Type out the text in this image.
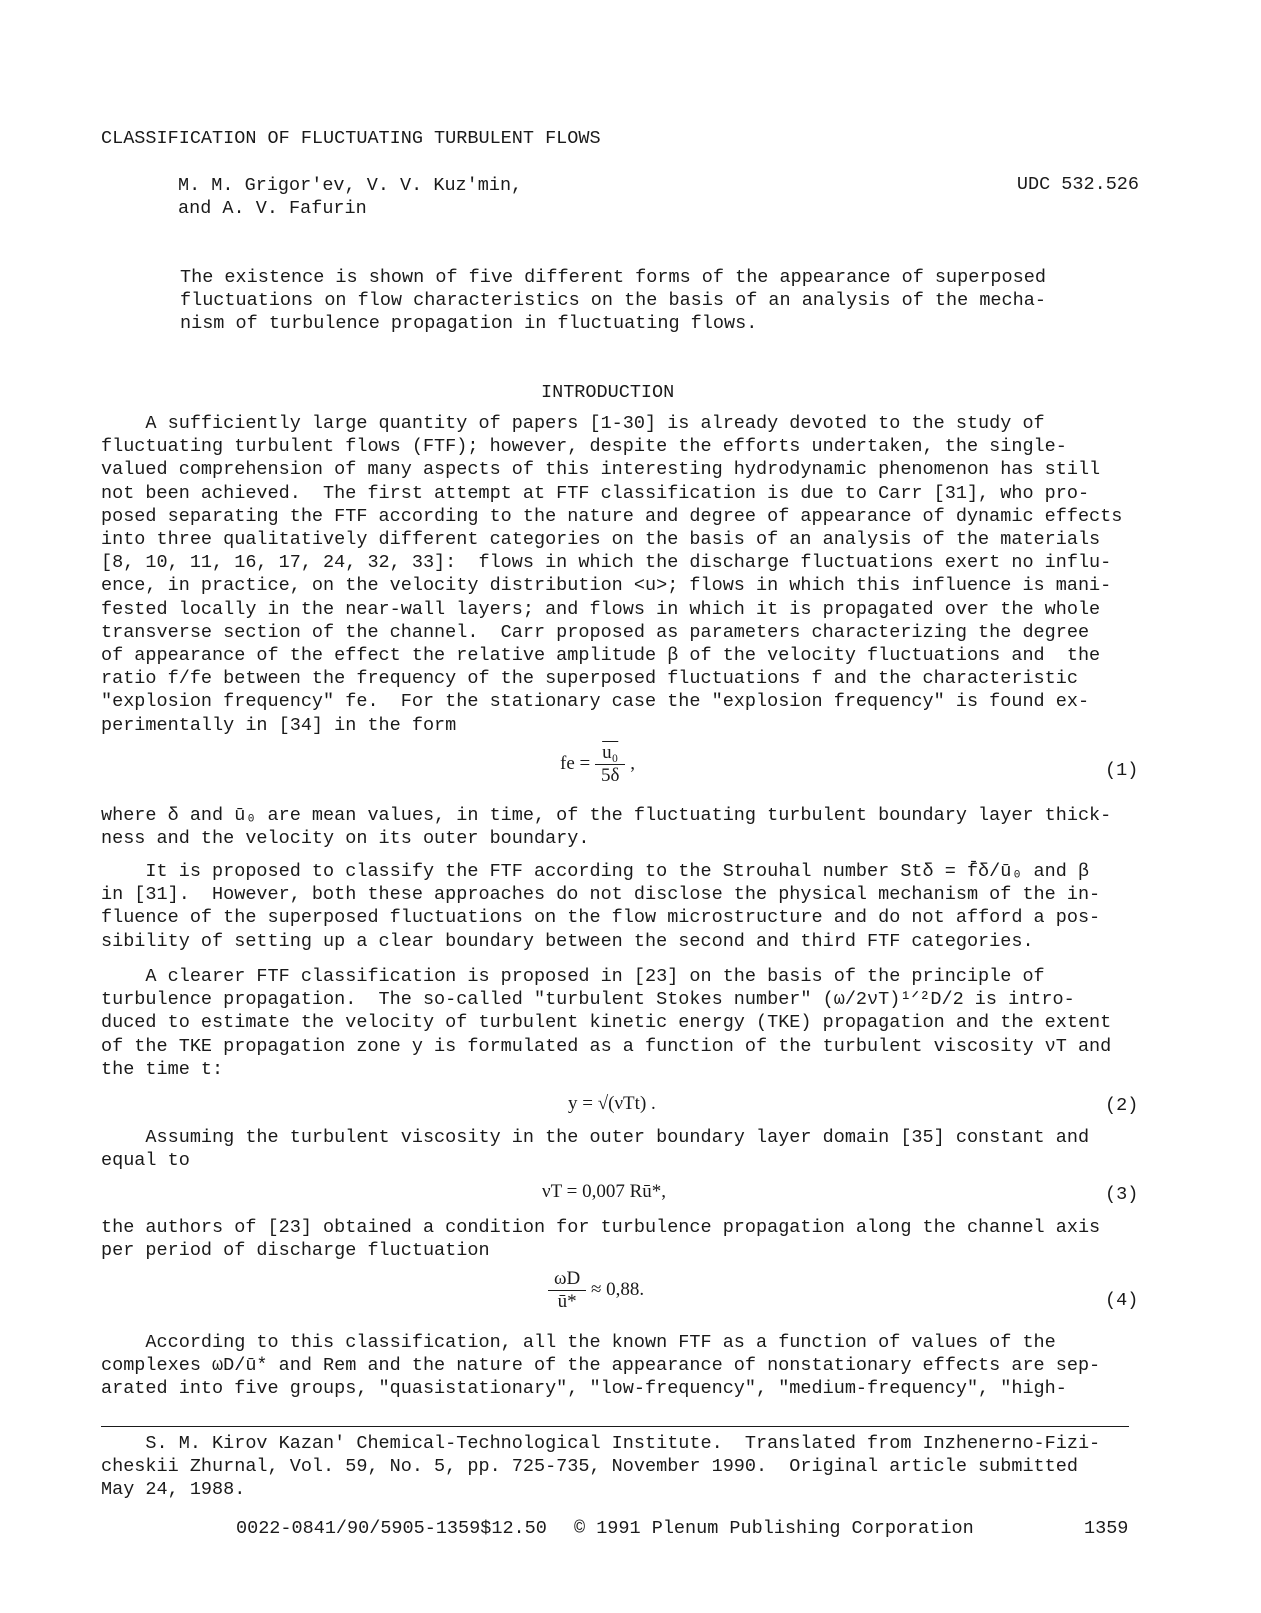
CLASSIFICATION OF FLUCTUATING TURBULENT FLOWS
M. M. Grigor'ev, V. V. Kuz'min,
and A. V. Fafurin
UDC 532.526
The existence is shown of five different forms of the appearance of superposed
fluctuations on flow characteristics on the basis of an analysis of the mecha-
nism of turbulence propagation in fluctuating flows.
INTRODUCTION
A sufficiently large quantity of papers [1-30] is already devoted to the study of
fluctuating turbulent flows (FTF); however, despite the efforts undertaken, the single-
valued comprehension of many aspects of this interesting hydrodynamic phenomenon has still
not been achieved.  The first attempt at FTF classification is due to Carr [31], who pro-
posed separating the FTF according to the nature and degree of appearance of dynamic effects
into three qualitatively different categories on the basis of an analysis of the materials
[8, 10, 11, 16, 17, 24, 32, 33]:  flows in which the discharge fluctuations exert no influ-
ence, in practice, on the velocity distribution <u>; flows in which this influence is mani-
fested locally in the near-wall layers; and flows in which it is propagated over the whole
transverse section of the channel.  Carr proposed as parameters characterizing the degree
of appearance of the effect the relative amplitude β of the velocity fluctuations and  the
ratio f/fe between the frequency of the superposed fluctuations f and the characteristic
"explosion frequency" fe.  For the stationary case the "explosion frequency" is found ex-
perimentally in [34] in the form
fe = $\frac{\text{u₀}}{5\delta}$ ,	(1)
where δ and ū₀ are mean values, in time, of the fluctuating turbulent boundary layer thick-
ness and the velocity on its outer boundary.
It is proposed to classify the FTF according to the Strouhal number Stδ = f̄δ/ū₀ and β
in [31].  However, both these approaches do not disclose the physical mechanism of the in-
fluence of the superposed fluctuations on the flow microstructure and do not afford a pos-
sibility of setting up a clear boundary between the second and third FTF categories.
A clearer FTF classification is proposed in [23] on the basis of the principle of
turbulence propagation.  The so-called "turbulent Stokes number" (ω/2νT)¹ᐟ²D/2 is intro-
duced to estimate the velocity of turbulent kinetic energy (TKE) propagation and the extent
of the TKE propagation zone y is formulated as a function of the turbulent viscosity νT and
the time t:
y = √(νTt) .	(2)
Assuming the turbulent viscosity in the outer boundary layer domain [35] constant and
equal to
νT = 0,007 Rū*,	(3)
the authors of [23] obtained a condition for turbulence propagation along the channel axis
per period of discharge fluctuation
$\frac{\omega D}{ū*} \approx 0,88$.
(4)
According to this classification, all the known FTF as a function of values of the
complexes ωD/ū* and Rem and the nature of the appearance of nonstationary effects are sep-
arated into five groups, "quasistationary", "low-frequency", "medium-frequency", "high-
S. M. Kirov Kazan' Chemical-Technological Institute.  Translated from Inzhenerno-Fizi-
cheskii Zhurnal, Vol. 59, No. 5, pp. 725-735, November 1990.  Original article submitted
May 24, 1988.
0022-0841/90/5905-1359$12.50 © 1991 Plenum Publishing Corporation	1359
